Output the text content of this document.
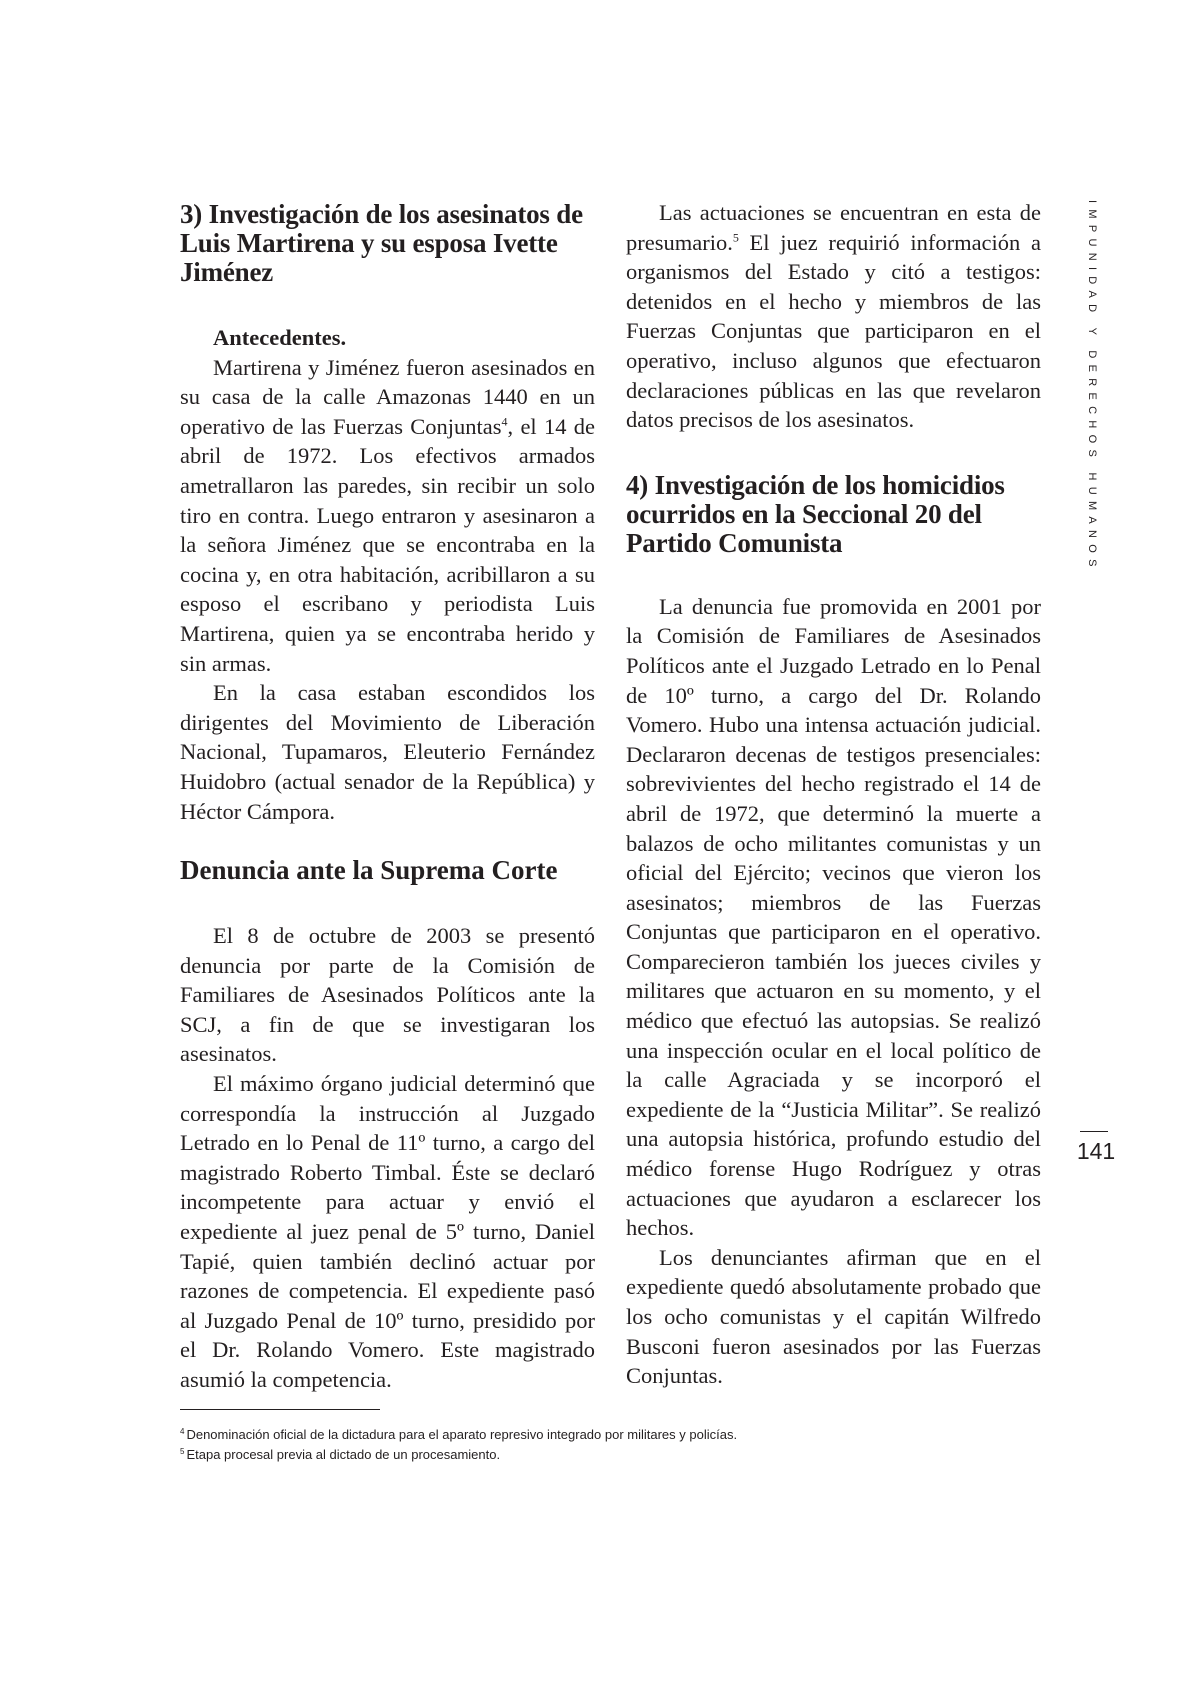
3) Investigación de los asesinatos de Luis Martirena y su esposa Ivette Jiménez
Antecedentes.

Martirena y Jiménez fueron asesinados en su casa de la calle Amazonas 1440 en un operativo de las Fuerzas Conjuntas$^4$, el 14 de abril de 1972. Los efectivos armados ametrallaron las paredes, sin recibir un solo tiro en contra. Luego entraron y asesinaron a la señora Jiménez que se encontraba en la cocina y, en otra habitación, acribillaron a su esposo el escribano y periodista Luis Martirena, quien ya se encontraba herido y sin armas.

En la casa estaban escondidos los dirigentes del Movimiento de Liberación Nacional, Tupamaros, Eleuterio Fernández Huidobro (actual senador de la República) y Héctor Cámpora.

Denuncia ante la Suprema Corte

El 8 de octubre de 2003 se presentó denuncia por parte de la Comisión de Familiares de Asesinados Políticos ante la SCJ, a fin de que se investigaran los asesinatos.

El máximo órgano judicial determinó que correspondía la instrucción al Juzgado Letrado en lo Penal de 11º turno, a cargo del magistrado Roberto Timbal. Éste se declaró incompetente para actuar y envió el expediente al juez penal de 5º turno, Daniel Tapié, quien también declinó actuar por razones de competencia. El expediente pasó al Juzgado Penal de 10º turno, presidido por el Dr. Rolando Vomero. Este magistrado asumió la competencia.

Las actuaciones se encuentran en esta de presumario.$^5$ El juez requirió información a organismos del Estado y citó a testigos: detenidos en el hecho y miembros de las Fuerzas Conjuntas que participaron en el operativo, incluso algunos que efectuaron declaraciones públicas en las que revelaron datos precisos de los asesinatos.

4) Investigación de los homicidios ocurridos en la Seccional 20 del Partido Comunista

La denuncia fue promovida en 2001 por la Comisión de Familiares de Asesinados Políticos ante el Juzgado Letrado en lo Penal de 10º turno, a cargo del Dr. Rolando Vomero. Hubo una intensa actuación judicial. Declararon decenas de testigos presenciales: sobrevivientes del hecho registrado el 14 de abril de 1972, que determinó la muerte a balazos de ocho militantes comunistas y un oficial del Ejército; vecinos que vieron los asesinatos; miembros de las Fuerzas Conjuntas que participaron en el operativo. Comparecieron también los jueces civiles y militares que actuaron en su momento, y el médico que efectuó las autopsias. Se realizó una inspección ocular en el local político de la calle Agraciada y se incorporó el expediente de la “Justicia Militar”. Se realizó una autopsia histórica, profundo estudio del médico forense Hugo Rodríguez y otras actuaciones que ayudaron a esclarecer los hechos.

Los denunciantes afirman que en el expediente quedó absolutamente probado que los ocho comunistas y el capitán Wilfredo Busconi fueron asesinados por las Fuerzas Conjuntas.

IMPUNIDAD Y DERECHOS HUMANOS
141
$^4$ Denominación oficial de la dictadura para el aparato represivo integrado por militares y policías.
$^5$ Etapa procesal previa al dictado de un procesamiento.
